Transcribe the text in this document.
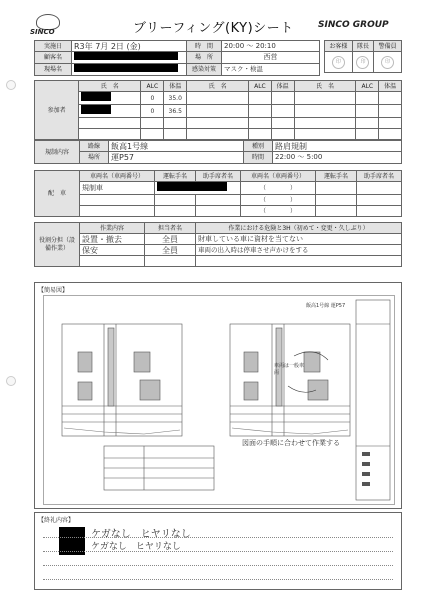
SINCO	ブリーフィング(KY)シート	SINCO GROUP
実施日	R3年 7月 2日 (金)	時　間	20:00 ～ 20:10
顧客名		場　所	西営
現場名		感染対策	マスク・検温
お客様	隊長	警備員
印	印	印
参加者	氏　名	ALC	体温	氏　名	ALC	体温	氏　名	ALC	体温
		0	35.0						
		0	36.5						

規制内容	路線	飯高1号線	種別	路肩規制
	場所	運P57	時間	22:00 ～ 5:00
配　車	車両名（車両番号）	運転手名	助手席者名	車両名（車両番号）	運転手名	助手席者名
	規制車			（　　　　）		
				（　　　　）		
				（　　　　）		
役割分担（設備作業）	作業内容	担当者名	作業における危険と3H（初めて・変更・久しぶり）
	設置・撤去	全員	財車している車に資材を当てない
	保安	全員	車両の出入時は停車させ声かけをする

【簡易図】
飯高1号線 運P57
図面の手順に合わせて作業する
車両は一般車両
【終礼内容】
ケガなし　ヒヤリなし
ケガなし　ヒヤリなし
